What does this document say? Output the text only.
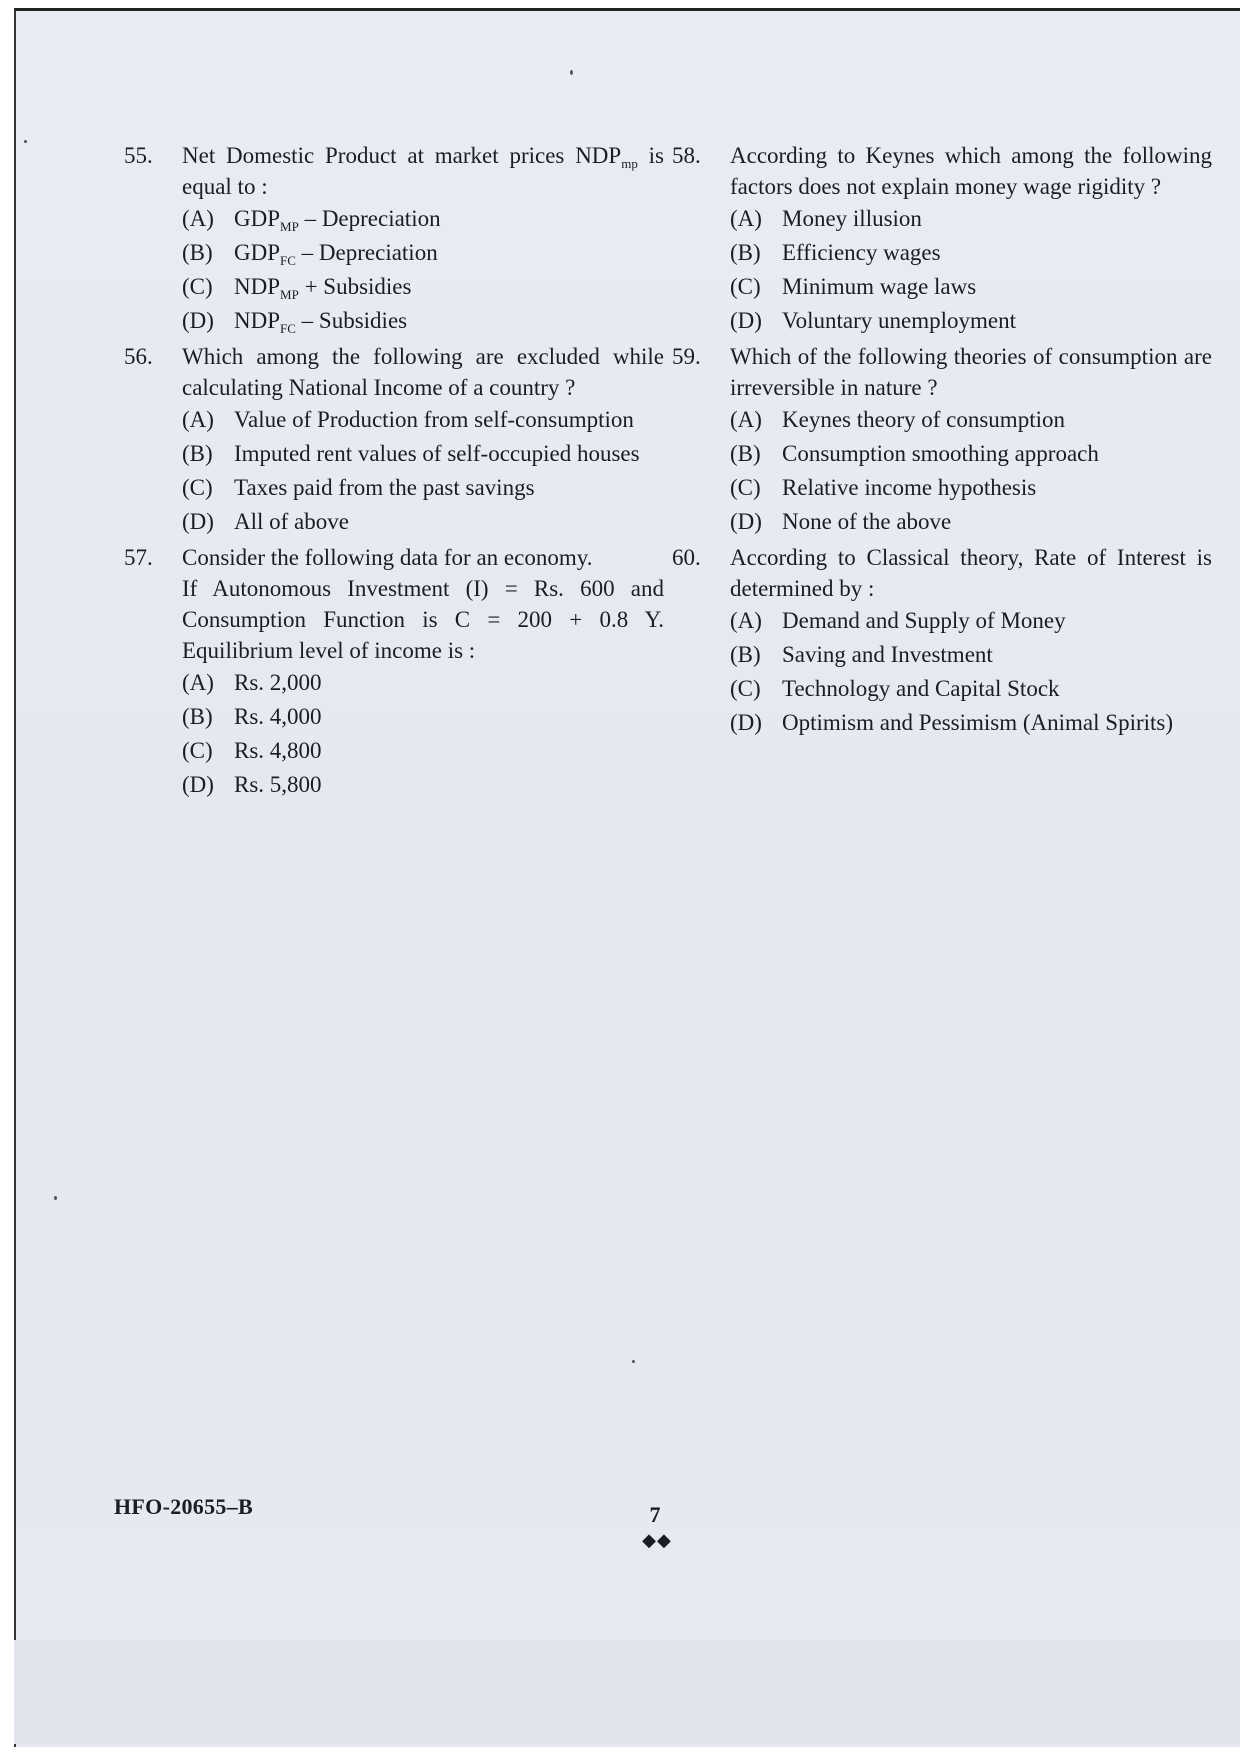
55.	Net Domestic Product at market prices $NDP_{mp}$ is equal to :
(A) $GDP_{MP}$ – Depreciation
(B) $GDP_{FC}$ – Depreciation
(C) $NDP_{MP}$ + Subsidies
(D) $NDP_{FC}$ – Subsidies
56.	Which among the following are excluded while calculating National Income of a country ?
(A) Value of Production from self-consumption
(B) Imputed rent values of self-occupied houses
(C) Taxes paid from the past savings
(D) All of above
57.	Consider the following data for an economy.
If Autonomous Investment (I) = Rs. 600 and Consumption Function is C = 200 + 0.8 Y. Equilibrium level of income is :
(A) Rs. 2,000
(B) Rs. 4,000
(C) Rs. 4,800
(D) Rs. 5,800
58.	According to Keynes which among the following factors does not explain money wage rigidity ?
(A) Money illusion
(B) Efficiency wages
(C) Minimum wage laws
(D) Voluntary unemployment
59.	Which of the following theories of consumption are irreversible in nature ?
(A) Keynes theory of consumption
(B) Consumption smoothing approach
(C) Relative income hypothesis
(D) None of the above
60.	According to Classical theory, Rate of Interest is determined by :
(A) Demand and Supply of Money
(B) Saving and Investment
(C) Technology and Capital Stock
(D) Optimism and Pessimism (Animal Spirits)
HFO-20655–B	7
◆◆
